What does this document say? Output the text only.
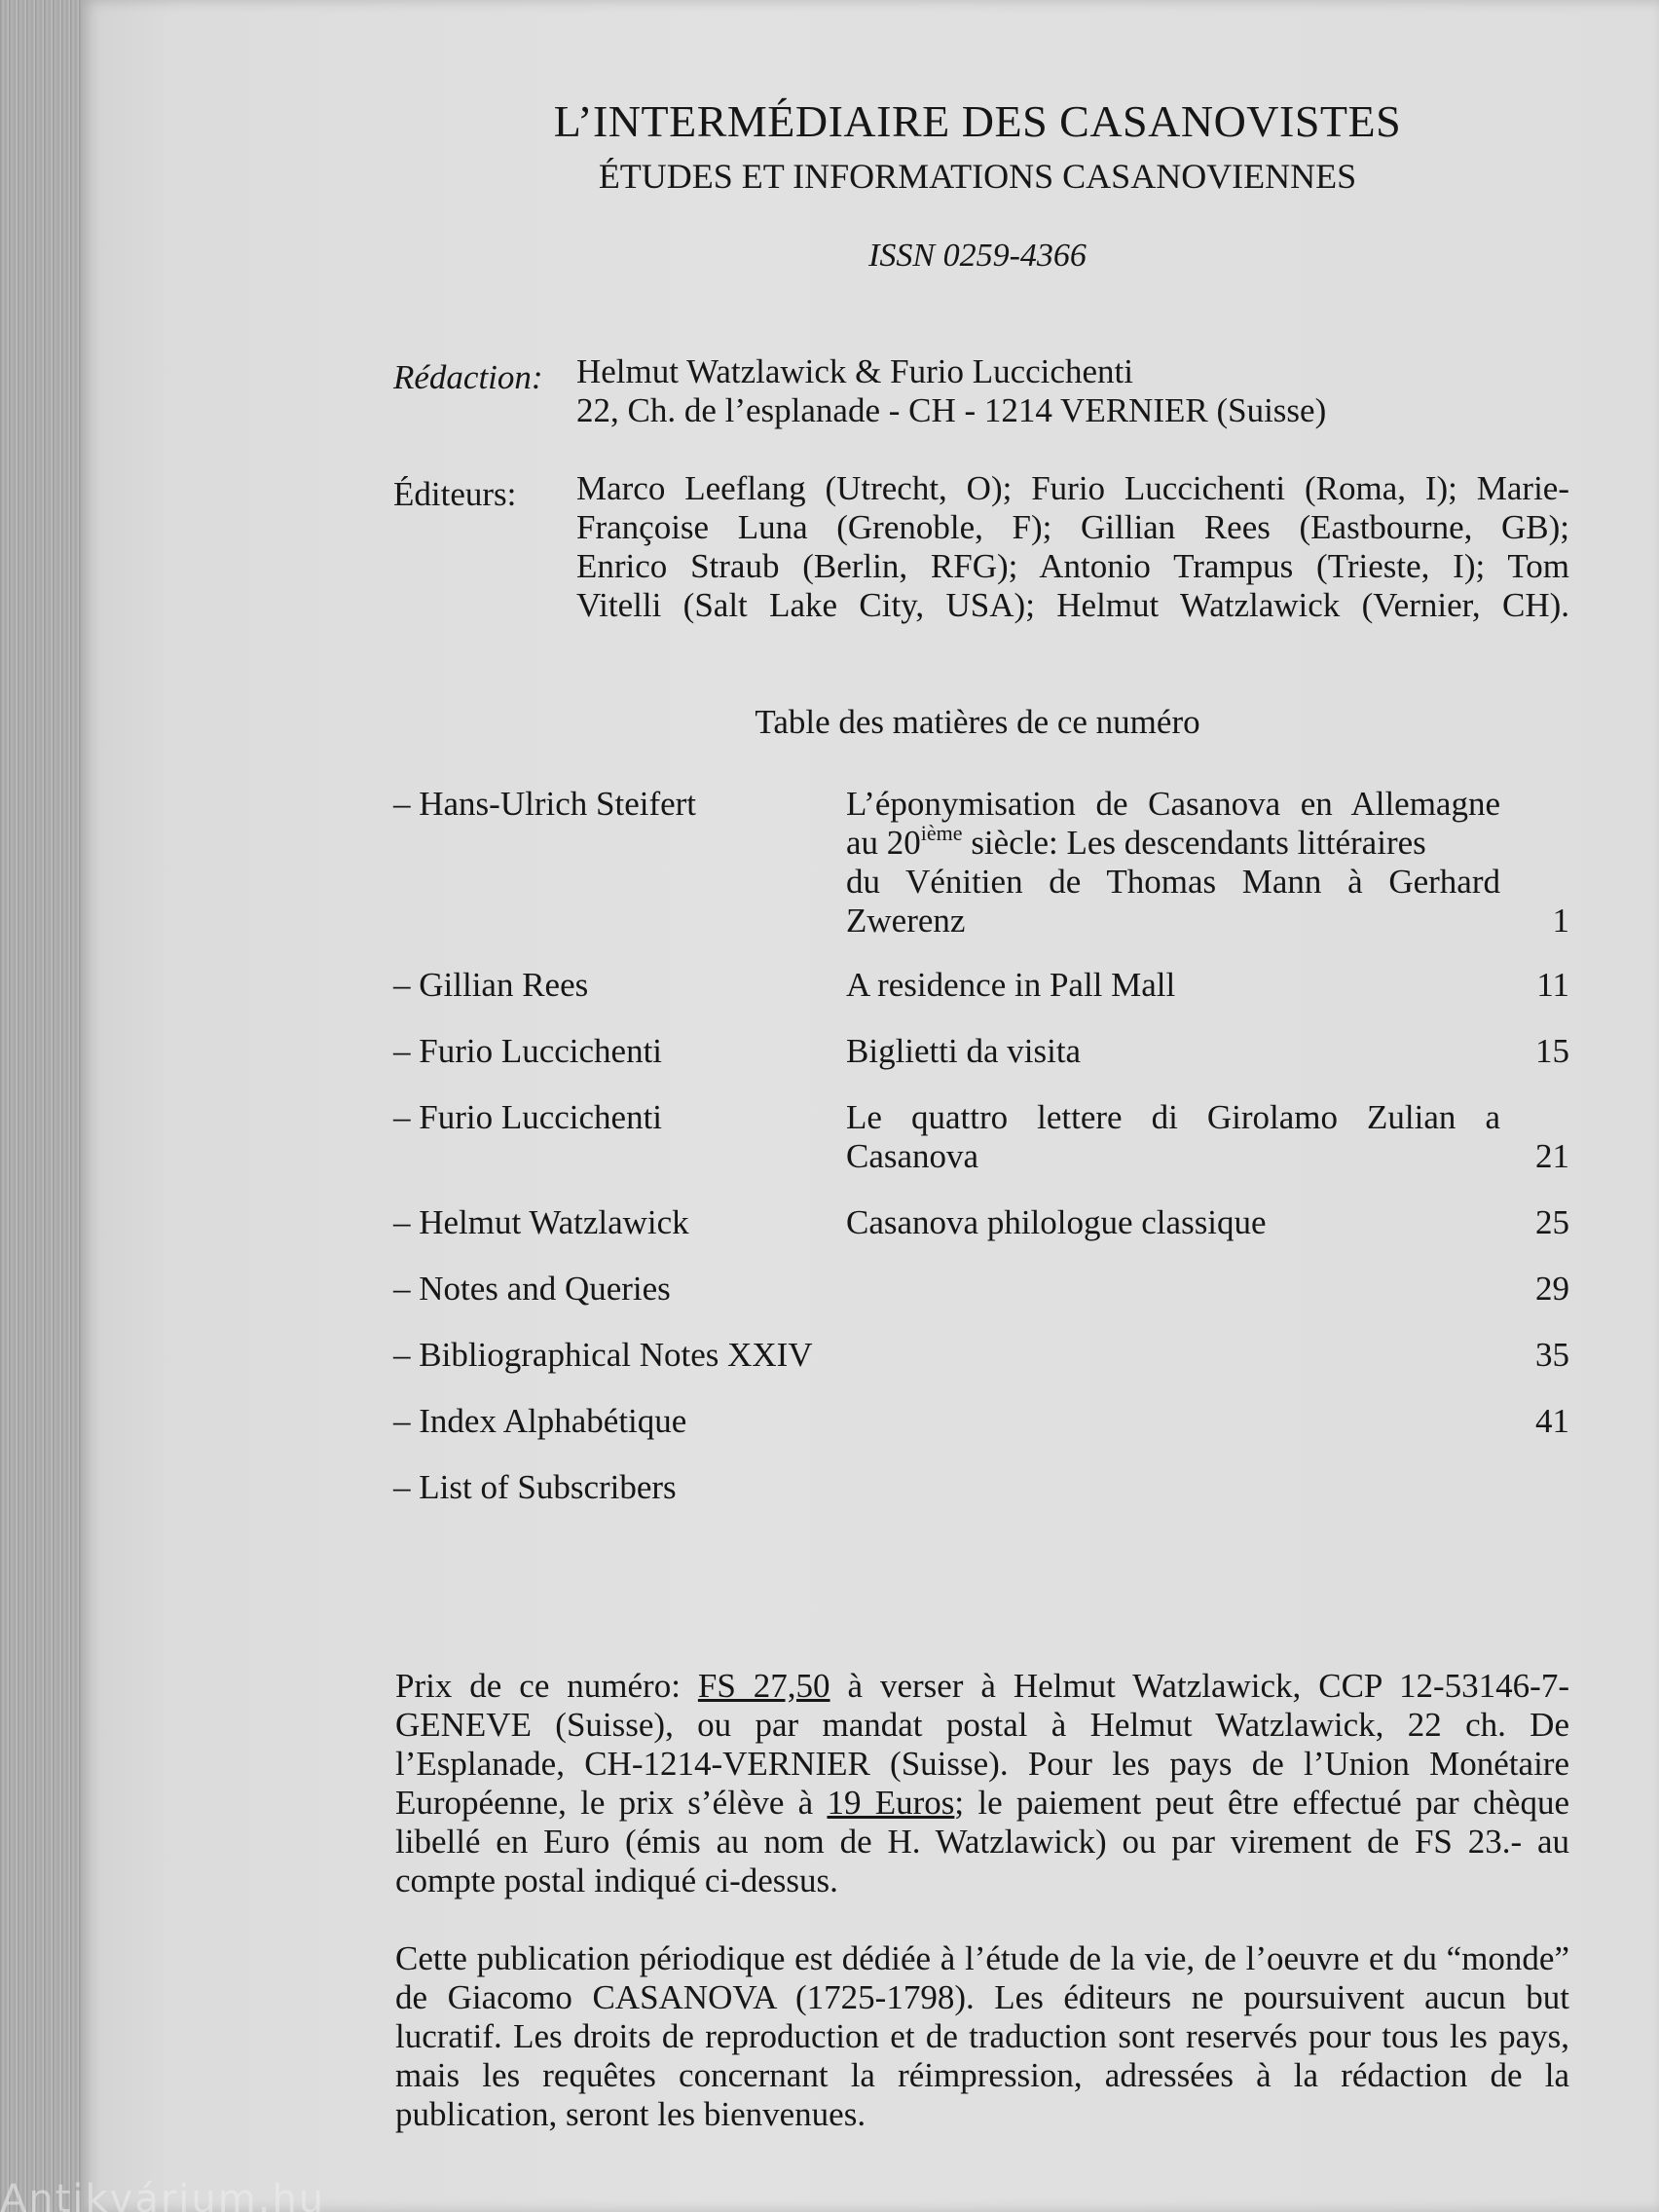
L’INTERMÉDIAIRE DES CASANOVISTES
ÉTUDES ET INFORMATIONS CASANOVIENNES
ISSN 0259-4366
Rédaction: Helmut Watzlawick & Furio Luccichenti
22, Ch. de l’esplanade - CH - 1214 VERNIER (Suisse)
Éditeurs: Marco Leeflang (Utrecht, O); Furio Luccichenti (Roma, I); Marie-
Françoise Luna (Grenoble, F); Gillian Rees (Eastbourne, GB);
Enrico Straub (Berlin, RFG); Antonio Trampus (Trieste, I); Tom
Vitelli (Salt Lake City, USA); Helmut Watzlawick (Vernier, CH).
Table des matières de ce numéro
– Hans-Ulrich Steifert	L’éponymisation de Casanova en Allemagne
au 20ième siècle: Les descendants littéraires
du Vénitien de Thomas Mann à Gerhard
Zwerenz	1
– Gillian Rees	A residence in Pall Mall	11
– Furio Luccichenti	Biglietti da visita	15
– Furio Luccichenti	Le quattro lettere di Girolamo Zulian a
Casanova	21
– Helmut Watzlawick	Casanova philologue classique	25
– Notes and Queries	29
– Bibliographical Notes XXIV	35
– Index Alphabétique	41
– List of Subscribers
Prix de ce numéro: FS 27,50 à verser à Helmut Watzlawick, CCP 12-53146-7-GENEVE (Suisse), ou par mandat postal à Helmut Watzlawick, 22 ch. De l’Esplanade, CH-1214-VERNIER (Suisse). Pour les pays de l’Union Monétaire Européenne, le prix s’élève à 19 Euros; le paiement peut être effectué par chèque libellé en Euro (émis au nom de H. Watzlawick) ou par virement de FS 23.- au compte postal indiqué ci-dessus.
Cette publication périodique est dédiée à l’étude de la vie, de l’oeuvre et du “monde” de Giacomo CASANOVA (1725-1798). Les éditeurs ne poursuivent aucun but lucratif. Les droits de reproduction et de traduction sont reservés pour tous les pays, mais les requêtes concernant la réimpression, adressées à la rédaction de la publication, seront les bienvenues.
Antikvárium.hu
